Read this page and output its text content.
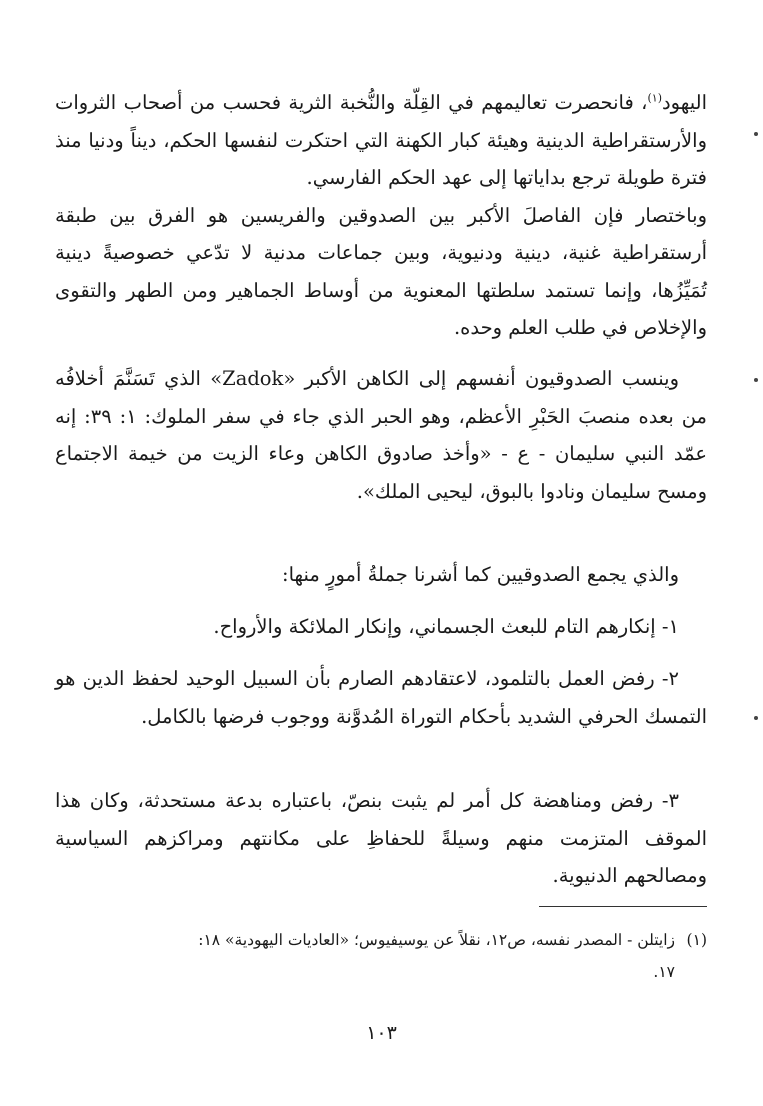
اليهود$^{(١)}$، فانحصرت تعاليمهم في القِلّة والنُّخبة الثرية فحسب من أصحاب الثروات والأرستقراطية الدينية وهيئة كبار الكهنة التي احتكرت لنفسها الحكم، ديناً ودنيا منذ فترة طويلة ترجع بداياتها إلى عهد الحكم الفارسي.

وباختصار فإن الفاصلَ الأكبر بين الصدوقين والفريسين هو الفرق بين طبقة أرستقراطية غنية، دينية ودنيوية، وبين جماعات مدنية لا تدّعي خصوصيةً دينية تُمَيِّزُها، وإنما تستمد سلطتها المعنوية من أوساط الجماهير ومن الطهر والتقوى والإخلاص في طلب العلم وحده.

وينسب الصدوقيون أنفسهم إلى الكاهن الأكبر «Zadok» الذي تَسَنَّمَ أخلافُه من بعده منصبَ الحَبْرِ الأعظم، وهو الحبر الذي جاء في سفر الملوك: ١: ٣٩: إنه عمّد النبي سليمان - ع - «وأخذ صادوق الكاهن وعاء الزيت من خيمة الاجتماع ومسح سليمان ونادوا بالبوق، ليحيى الملك».

والذي يجمع الصدوقيين كما أشرنا جملةُ أمورٍ منها:

١- إنكارهم التام للبعث الجسماني، وإنكار الملائكة والأرواح.

٢- رفض العمل بالتلمود، لاعتقادهم الصارم بأن السبيل الوحيد لحفظ الدين هو التمسك الحرفي الشديد بأحكام التوراة المُدوَّنة ووجوب فرضها بالكامل.

٣- رفض ومناهضة كل أمر لم يثبت بنصّ، باعتباره بدعة مستحدثة، وكان هذا الموقف المتزمت منهم وسيلةً للحفاظِ على مكانتهم ومراكزهم السياسية ومصالحهم الدنيوية.

(١)زايتلن - المصدر نفسه، ص١٢، نقلاً عن يوسيفيوس؛ «العاديات اليهودية» ١٨:
١٧.
١٠٣
